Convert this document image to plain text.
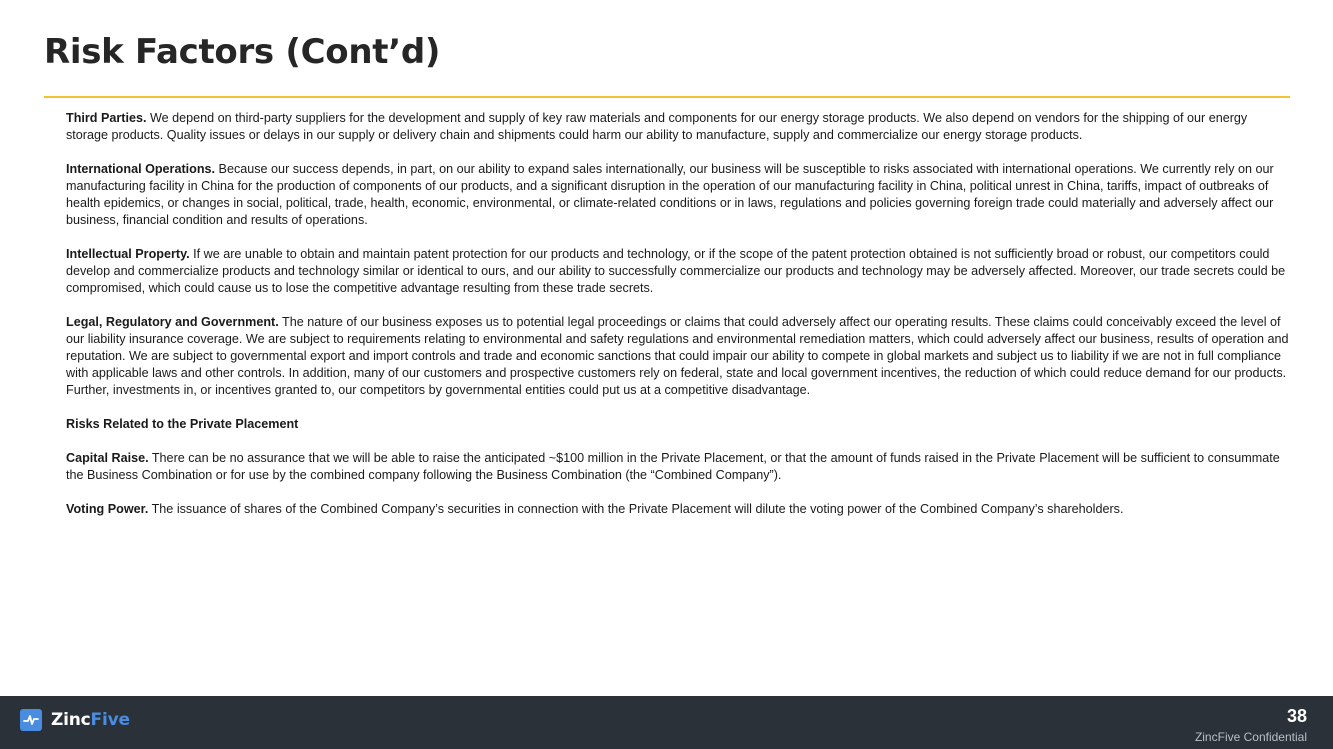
Risk Factors (Cont’d)

Third Parties. We depend on third-party suppliers for the development and supply of key raw materials and components for our energy storage products. We also depend on vendors for the shipping of our energy storage products. Quality issues or delays in our supply or delivery chain and shipments could harm our ability to manufacture, supply and commercialize our energy storage products.

International Operations. Because our success depends, in part, on our ability to expand sales internationally, our business will be susceptible to risks associated with international operations. We currently rely on our manufacturing facility in China for the production of components of our products, and a significant disruption in the operation of our manufacturing facility in China, political unrest in China, tariffs, impact of outbreaks of health epidemics, or changes in social, political, trade, health, economic, environmental, or climate-related conditions or in laws, regulations and policies governing foreign trade could materially and adversely affect our business, financial condition and results of operations.

Intellectual Property. If we are unable to obtain and maintain patent protection for our products and technology, or if the scope of the patent protection obtained is not sufficiently broad or robust, our competitors could develop and commercialize products and technology similar or identical to ours, and our ability to successfully commercialize our products and technology may be adversely affected. Moreover, our trade secrets could be compromised, which could cause us to lose the competitive advantage resulting from these trade secrets.

Legal, Regulatory and Government. The nature of our business exposes us to potential legal proceedings or claims that could adversely affect our operating results. These claims could conceivably exceed the level of our liability insurance coverage. We are subject to requirements relating to environmental and safety regulations and environmental remediation matters, which could adversely affect our business, results of operation and reputation. We are subject to governmental export and import controls and trade and economic sanctions that could impair our ability to compete in global markets and subject us to liability if we are not in full compliance with applicable laws and other controls. In addition, many of our customers and prospective customers rely on federal, state and local government incentives, the reduction of which could reduce demand for our products. Further, investments in, or incentives granted to, our competitors by governmental entities could put us at a competitive disadvantage.

Risks Related to the Private Placement

Capital Raise. There can be no assurance that we will be able to raise the anticipated ~$100 million in the Private Placement, or that the amount of funds raised in the Private Placement will be sufficient to consummate the Business Combination or for use by the combined company following the Business Combination (the “Combined Company”).

Voting Power. The issuance of shares of the Combined Company’s securities in connection with the Private Placement will dilute the voting power of the Combined Company’s shareholders.

ZincFive	38
ZincFive Confidential
